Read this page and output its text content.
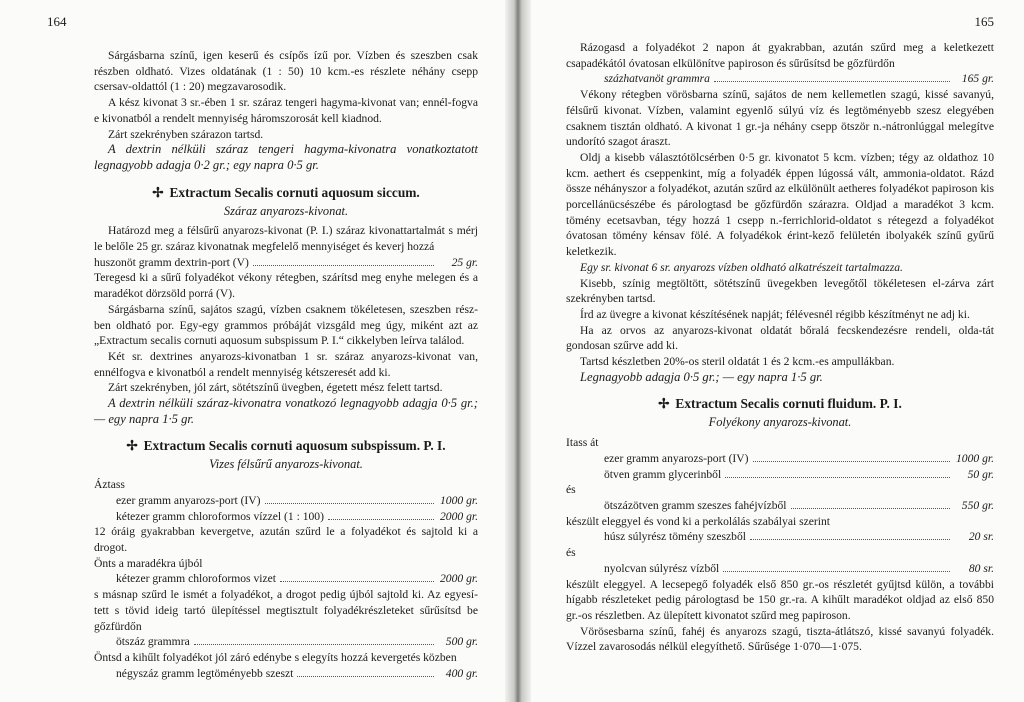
164

Sárgásbarna színű, igen keserű és csípős ízű por. Vízben és szeszben csak részben oldható. Vizes oldatának (1 : 50) 10 kcm.-es részlete néhány csepp csersav-oldattól (1 : 20) megzavarosodik.

A kész kivonat 3 sr.-ében 1 sr. száraz tengeri hagyma-kivonat van; ennél-fogva e kivonatból a rendelt mennyiség háromszorosát kell kiadnod.

Zárt szekrényben szárazon tartsd.

A dextrin nélküli száraz tengeri hagyma-kivonatra vonatkoztatott legnagyobb adagja 0·2 gr.; egy napra 0·5 gr.

✢ Extractum Secalis cornuti aquosum siccum.
Száraz anyarozs-kivonat.

Határozd meg a félsűrű anyarozs-kivonat (P. I.) száraz kivonattartalmát s mérj le belőle 25 gr. száraz kivonatnak megfelelő mennyiséget és keverj hozzá

huszonöt gramm dextrin-port (V)	25 gr.

Teregesd ki a sűrű folyadékot vékony rétegben, szárítsd meg enyhe melegen és a maradékot dörzsöld porrá (V).

Sárgásbarna színű, sajátos szagú, vízben csaknem tökéletesen, szeszben rész-ben oldható por. Egy-egy grammos próbáját vizsgáld meg úgy, miként azt az „Extractum secalis cornuti aquosum subspissum P. I.“ cikkelyben leírva találod.

Két sr. dextrines anyarozs-kivonatban 1 sr. száraz anyarozs-kivonat van, ennélfogva e kivonatból a rendelt mennyiség kétszeresét add ki.

Zárt szekrényben, jól zárt, sötétszínű üvegben, égetett mész felett tartsd.

A dextrin nélküli száraz-kivonatra vonatkozó legnagyobb adagja 0·5 gr.; — egy napra 1·5 gr.

✢ Extractum Secalis cornuti aquosum subspissum. P. I.
Vizes félsűrű anyarozs-kivonat.

Áztass

ezer gramm anyarozs-port (IV)	1000 gr.
kétezer gramm chloroformos vízzel (1 : 100)	2000 gr.

12 óráig gyakrabban kevergetve, azután szűrd le a folyadékot és sajtold ki a drogot.

Önts a maradékra újból

kétezer gramm chloroformos vizet	2000 gr.

s másnap szűrd le ismét a folyadékot, a drogot pedig újból sajtold ki. Az egyesí-tett s tövid ideig tartó ülepítéssel megtisztult folyadékrészleteket sűrűsítsd be gőzfürdőn

ötszáz grammra	500 gr.

Öntsd a kihűlt folyadékot jól záró edénybe s elegyíts hozzá kevergetés közben

négyszáz gramm legtöményebb szeszt	400 gr.
165

Rázogasd a folyadékot 2 napon át gyakrabban, azután szűrd meg a keletkezett csapadékától óvatosan elkülönítve papiroson és sűrűsítsd be gőzfürdőn

százhatvanöt grammra	165 gr.

Vékony rétegben vörösbarna színű, sajátos de nem kellemetlen szagú, kissé savanyú, félsűrű kivonat. Vízben, valamint egyenlő súlyú víz és legtöményebb szesz elegyében csaknem tisztán oldható. A kivonat 1 gr.-ja néhány csepp ötször n.-nátronlúggal melegítve undorító szagot áraszt.

Oldj a kisebb választótölcsérben 0·5 gr. kivonatot 5 kcm. vízben; tégy az oldathoz 10 kcm. aethert és cseppenkint, míg a folyadék éppen lúgossá vált, ammonia-oldatot. Rázd össze néhányszor a folyadékot, azután szűrd az elkülönült aetheres folyadékot papiroson kis porcellánücsészébe és párologtasd be gőzfürdőn szárazra. Oldjad a maradékot 3 kcm. tömény ecetsavban, tégy hozzá 1 csepp n.-ferrichlorid-oldatot s rétegezd a folyadékot óvatosan tömény kénsav fölé. A folyadékok érint-kező felületén ibolyakék színű gyűrű keletkezik.

Egy sr. kivonat 6 sr. anyarozs vízben oldható alkatrészeit tartalmazza.

Kisebb, színig megtöltött, sötétszínű üvegekben levegőtől tökéletesen el-zárva zárt szekrényben tartsd.

Írd az üvegre a kivonat készítésének napját; félévesnél régibb készítményt ne adj ki.

Ha az orvos az anyarozs-kivonat oldatát bőralá fecskendezésre rendeli, olda-tát gondosan szűrve add ki.

Tartsd készletben 20%-os steril oldatát 1 és 2 kcm.-es ampullákban.

Legnagyobb adagja 0·5 gr.; — egy napra 1·5 gr.

✢ Extractum Secalis cornuti fluidum. P. I.
Folyékony anyarozs-kivonat.

Itass át

ezer gramm anyarozs-port (IV)	1000 gr.
ötven gramm glycerinből	50 gr.

és

ötszázötven gramm szeszes fahéjvízből	550 gr.

készült eleggyel és vond ki a perkolálás szabályai szerint

húsz súlyrész tömény szeszből	20 sr.

és

nyolcvan súlyrész vízből	80 sr.

készült eleggyel. A lecsepegő folyadék első 850 gr.-os részletét gyűjtsd külön, a további hígabb részleteket pedig párologtasd be 150 gr.-ra. A kihűlt maradékot oldjad az első 850 gr.-os részletben. Az ülepített kivonatot szűrd meg papiroson.

Vörösesbarna színű, fahéj és anyarozs szagú, tiszta-átlátszó, kissé savanyú folyadék. Vízzel zavarosodás nélkül elegyíthető. Sűrűsége 1·070—1·075.
